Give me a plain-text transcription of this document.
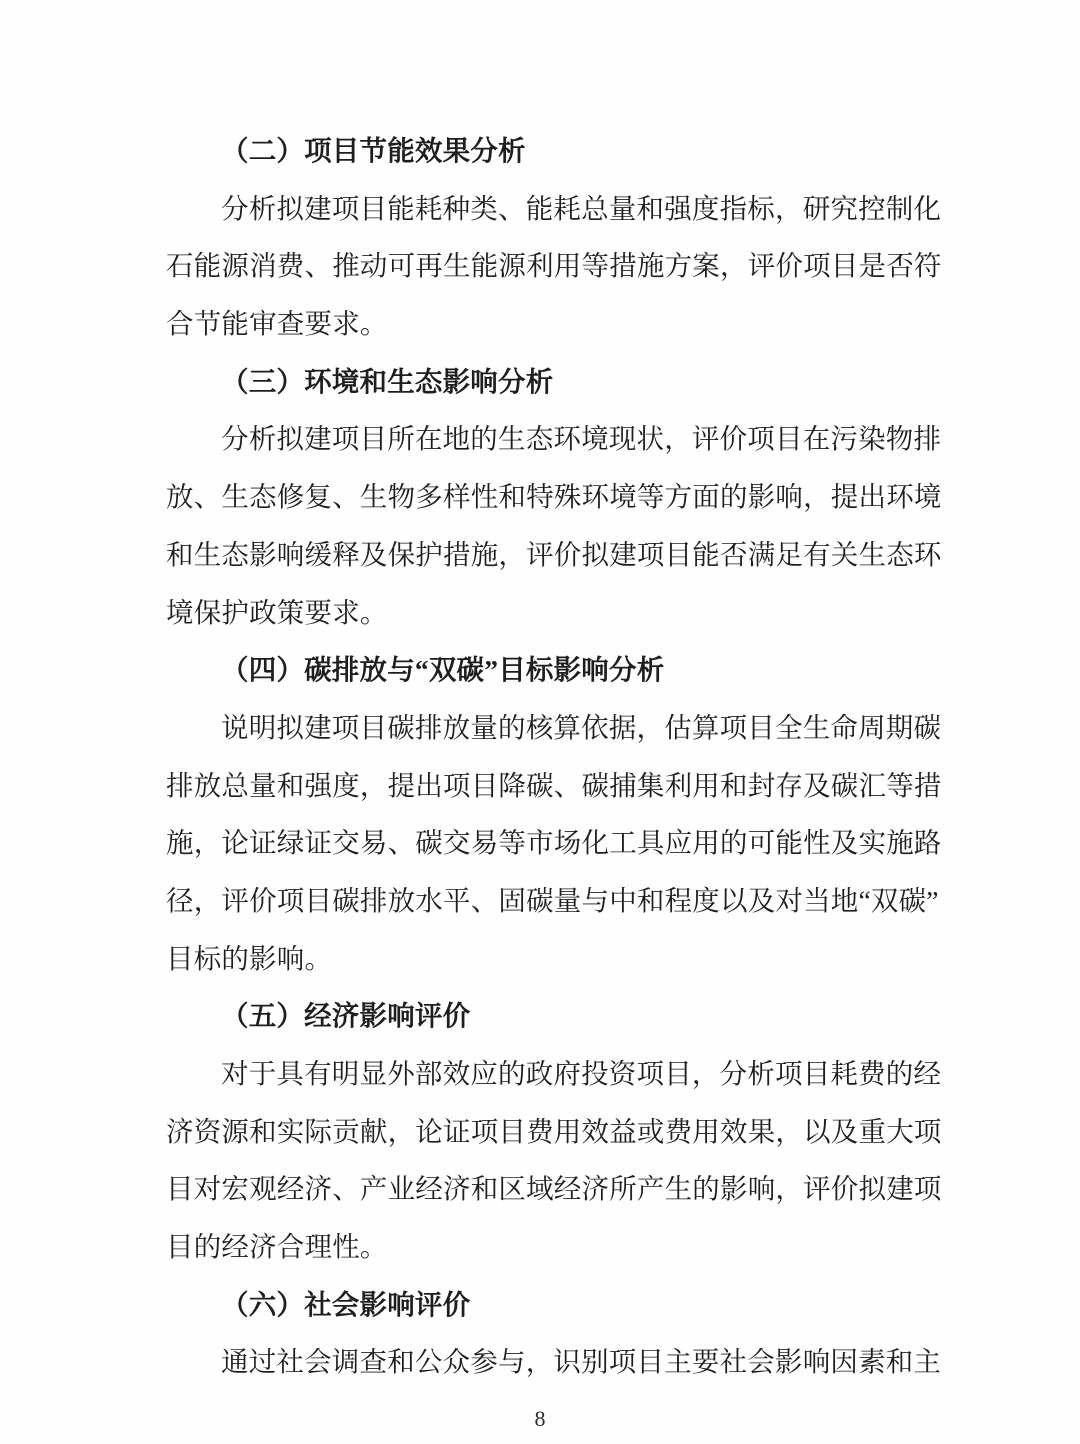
（二）项目节能效果分析
分析拟建项目能耗种类、能耗总量和强度指标，研究控制化
石能源消费、推动可再生能源利用等措施方案，评价项目是否符
合节能审查要求。
（三）环境和生态影响分析
分析拟建项目所在地的生态环境现状，评价项目在污染物排
放、生态修复、生物多样性和特殊环境等方面的影响，提出环境
和生态影响缓释及保护措施，评价拟建项目能否满足有关生态环
境保护政策要求。
（四）碳排放与“双碳”目标影响分析
说明拟建项目碳排放量的核算依据，估算项目全生命周期碳
排放总量和强度，提出项目降碳、碳捕集利用和封存及碳汇等措
施，论证绿证交易、碳交易等市场化工具应用的可能性及实施路
径，评价项目碳排放水平、固碳量与中和程度以及对当地“双碳”
目标的影响。
（五）经济影响评价
对于具有明显外部效应的政府投资项目，分析项目耗费的经
济资源和实际贡献，论证项目费用效益或费用效果，以及重大项
目对宏观经济、产业经济和区域经济所产生的影响，评价拟建项
目的经济合理性。
（六）社会影响评价
通过社会调查和公众参与，识别项目主要社会影响因素和主
8
